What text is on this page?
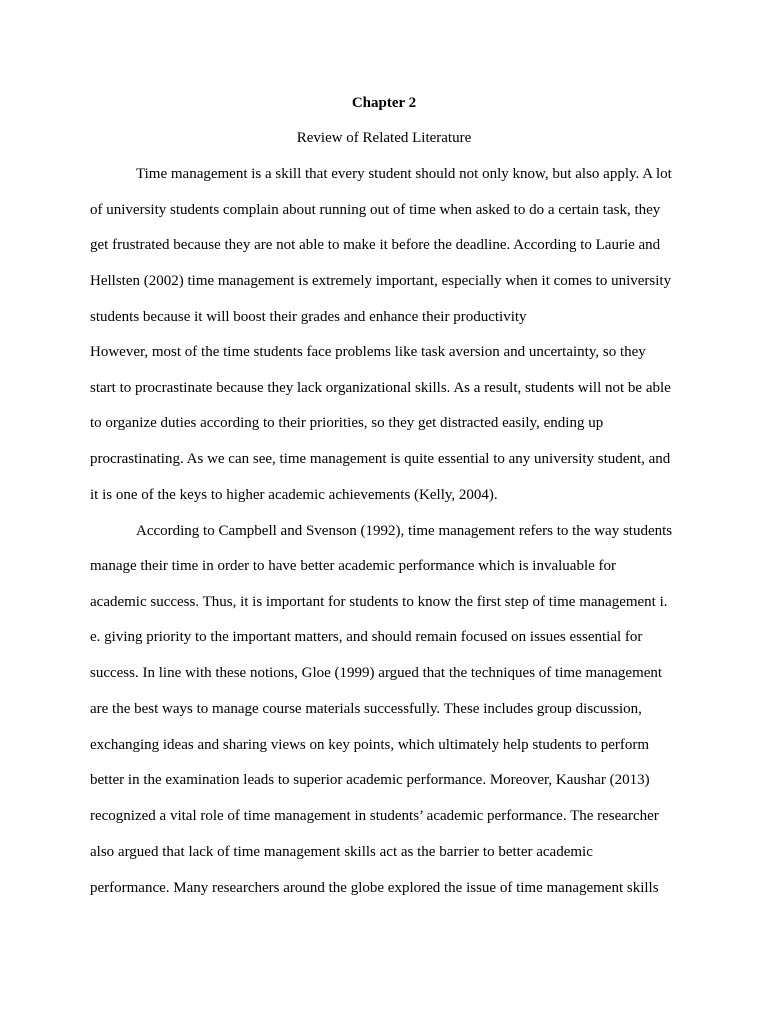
Chapter 2
Review of Related Literature
Time management is a skill that every student should not only know, but also apply. A lot
of university students complain about running out of time when asked to do a certain task, they
get frustrated because they are not able to make it before the deadline. According to Laurie and
Hellsten (2002) time management is extremely important, especially when it comes to university
students because it will boost their grades and enhance their productivity
However, most of the time students face problems like task aversion and uncertainty, so they
start to procrastinate because they lack organizational skills. As a result, students will not be able
to organize duties according to their priorities, so they get distracted easily, ending up
procrastinating. As we can see, time management is quite essential to any university student, and
it is one of the keys to higher academic achievements (Kelly, 2004).
According to Campbell and Svenson (1992), time management refers to the way students
manage their time in order to have better academic performance which is invaluable for
academic success. Thus, it is important for students to know the first step of time management i.
e. giving priority to the important matters, and should remain focused on issues essential for
success. In line with these notions, Gloe (1999) argued that the techniques of time management
are the best ways to manage course materials successfully. These includes group discussion,
exchanging ideas and sharing views on key points, which ultimately help students to perform
better in the examination leads to superior academic performance. Moreover, Kaushar (2013)
recognized a vital role of time management in students’ academic performance. The researcher
also argued that lack of time management skills act as the barrier to better academic
performance. Many researchers around the globe explored the issue of time management skills
